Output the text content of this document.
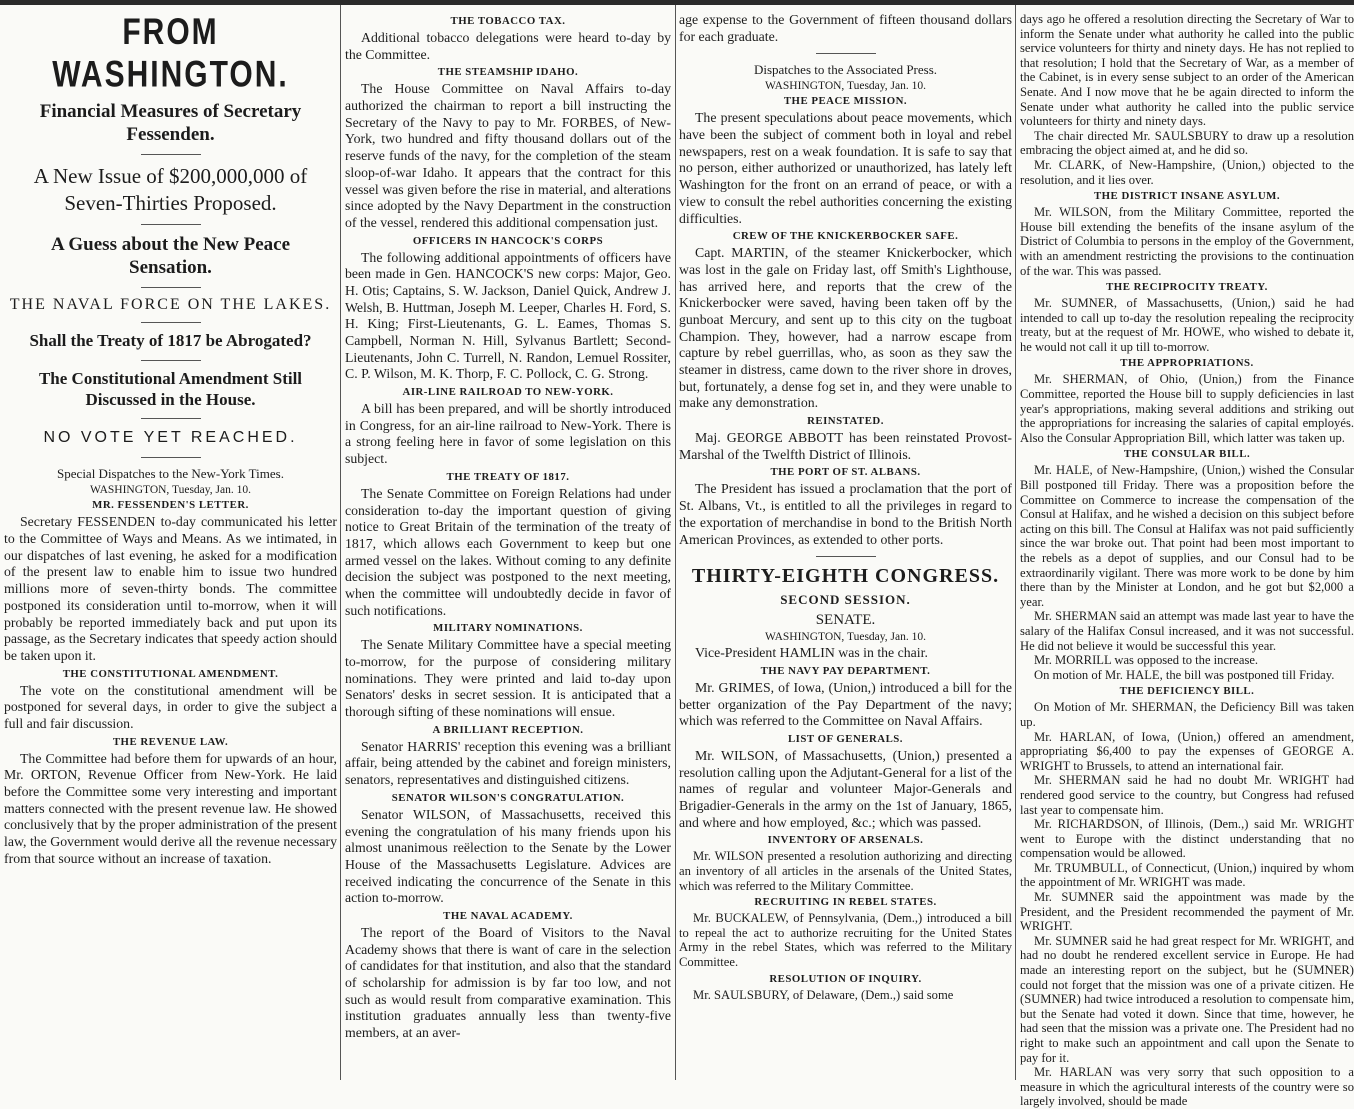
FROM WASHINGTON.
Financial Measures of Secretary Fessenden.
A New Issue of $200,000,000 of Seven-Thirties Proposed.
A Guess about the New Peace Sensation.
THE NAVAL FORCE ON THE LAKES.
Shall the Treaty of 1817 be Abrogated?
The Constitutional Amendment Still Discussed in the House.
NO VOTE YET REACHED.
Special Dispatches to the New-York Times.
WASHINGTON, Tuesday, Jan. 10.
MR. FESSENDEN'S LETTER.

Secretary FESSENDEN to-day communicated his letter to the Committee of Ways and Means. As we intimated, in our dispatches of last evening, he asked for a modification of the present law to enable him to issue two hundred millions more of seven-thirty bonds. The committee postponed its consideration until to-morrow, when it will probably be reported immediately back and put upon its passage, as the Secretary indicates that speedy action should be taken upon it.

THE CONSTITUTIONAL AMENDMENT.

The vote on the constitutional amendment will be postponed for several days, in order to give the subject a full and fair discussion.

THE REVENUE LAW.

The Committee had before them for upwards of an hour, Mr. ORTON, Revenue Officer from New-York. He laid before the Committee some very interesting and important matters connected with the present revenue law. He showed conclusively that by the proper administration of the present law, the Government would derive all the revenue necessary from that source without an increase of taxation.

THE TOBACCO TAX.

Additional tobacco delegations were heard to-day by the Committee.

THE STEAMSHIP IDAHO.

The House Committee on Naval Affairs to-day authorized the chairman to report a bill instructing the Secretary of the Navy to pay to Mr. FORBES, of New-York, two hundred and fifty thousand dollars out of the reserve funds of the navy, for the completion of the steam sloop-of-war Idaho. It appears that the contract for this vessel was given before the rise in material, and alterations since adopted by the Navy Department in the construction of the vessel, rendered this additional compensation just.

OFFICERS IN HANCOCK'S CORPS

The following additional appointments of officers have been made in Gen. HANCOCK'S new corps: Major, Geo. H. Otis; Captains, S. W. Jackson, Daniel Quick, Andrew J. Welsh, B. Huttman, Joseph M. Leeper, Charles H. Ford, S. H. King; First-Lieutenants, G. L. Eames, Thomas S. Campbell, Norman N. Hill, Sylvanus Bartlett; Second-Lieutenants, John C. Turrell, N. Randon, Lemuel Rossiter, C. P. Wilson, M. K. Thorp, F. C. Pollock, C. G. Strong.

AIR-LINE RAILROAD TO NEW-YORK.

A bill has been prepared, and will be shortly introduced in Congress, for an air-line railroad to New-York. There is a strong feeling here in favor of some legislation on this subject.

THE TREATY OF 1817.

The Senate Committee on Foreign Relations had under consideration to-day the important question of giving notice to Great Britain of the termination of the treaty of 1817, which allows each Government to keep but one armed vessel on the lakes. Without coming to any definite decision the subject was postponed to the next meeting, when the committee will undoubtedly decide in favor of such notifications.

MILITARY NOMINATIONS.

The Senate Military Committee have a special meeting to-morrow, for the purpose of considering military nominations. They were printed and laid to-day upon Senators' desks in secret session. It is anticipated that a thorough sifting of these nominations will ensue.

A BRILLIANT RECEPTION.

Senator HARRIS' reception this evening was a brilliant affair, being attended by the cabinet and foreign ministers, senators, representatives and distinguished citizens.

SENATOR WILSON'S CONGRATULATION.

Senator WILSON, of Massachusetts, received this evening the congratulation of his many friends upon his almost unanimous reëlection to the Senate by the Lower House of the Massachusetts Legislature. Advices are received indicating the concurrence of the Senate in this action to-morrow.

THE NAVAL ACADEMY.

The report of the Board of Visitors to the Naval Academy shows that there is want of care in the selection of candidates for that institution, and also that the standard of scholarship for admission is by far too low, and not such as would result from comparative examination. This institution graduates annually less than twenty-five members, at an aver-

age expense to the Government of fifteen thousand dollars for each graduate.

Dispatches to the Associated Press.
WASHINGTON, Tuesday, Jan. 10.
THE PEACE MISSION.

The present speculations about peace movements, which have been the subject of comment both in loyal and rebel newspapers, rest on a weak foundation. It is safe to say that no person, either authorized or unauthorized, has lately left Washington for the front on an errand of peace, or with a view to consult the rebel authorities concerning the existing difficulties.

CREW OF THE KNICKERBOCKER SAFE.

Capt. MARTIN, of the steamer Knickerbocker, which was lost in the gale on Friday last, off Smith's Lighthouse, has arrived here, and reports that the crew of the Knickerbocker were saved, having been taken off by the gunboat Mercury, and sent up to this city on the tugboat Champion. They, however, had a narrow escape from capture by rebel guerrillas, who, as soon as they saw the steamer in distress, came down to the river shore in droves, but, fortunately, a dense fog set in, and they were unable to make any demonstration.

REINSTATED.

Maj. GEORGE ABBOTT has been reinstated Provost-Marshal of the Twelfth District of Illinois.

THE PORT OF ST. ALBANS.

The President has issued a proclamation that the port of St. Albans, Vt., is entitled to all the privileges in regard to the exportation of merchandise in bond to the British North American Provinces, as extended to other ports.

THIRTY-EIGHTH CONGRESS.
SECOND SESSION.
SENATE.
WASHINGTON, Tuesday, Jan. 10.

Vice-President HAMLIN was in the chair.

THE NAVY PAY DEPARTMENT.

Mr. GRIMES, of Iowa, (Union,) introduced a bill for the better organization of the Pay Department of the navy; which was referred to the Committee on Naval Affairs.

LIST OF GENERALS.

Mr. WILSON, of Massachusetts, (Union,) presented a resolution calling upon the Adjutant-General for a list of the names of regular and volunteer Major-Generals and Brigadier-Generals in the army on the 1st of January, 1865, and where and how employed, &c.; which was passed.

INVENTORY OF ARSENALS.

Mr. WILSON presented a resolution authorizing and directing an inventory of all articles in the arsenals of the United States, which was referred to the Military Committee.

RECRUITING IN REBEL STATES.

Mr. BUCKALEW, of Pennsylvania, (Dem.,) introduced a bill to repeal the act to authorize recruiting for the United States Army in the rebel States, which was referred to the Military Committee.

RESOLUTION OF INQUIRY.

Mr. SAULSBURY, of Delaware, (Dem.,) said some

days ago he offered a resolution directing the Secretary of War to inform the Senate under what authority he called into the public service volunteers for thirty and ninety days. He has not replied to that resolution; I hold that the Secretary of War, as a member of the Cabinet, is in every sense subject to an order of the American Senate. And I now move that he be again directed to inform the Senate under what authority he called into the public service volunteers for thirty and ninety days.

The chair directed Mr. SAULSBURY to draw up a resolution embracing the object aimed at, and he did so.

Mr. CLARK, of New-Hampshire, (Union,) objected to the resolution, and it lies over.

THE DISTRICT INSANE ASYLUM.

Mr. WILSON, from the Military Committee, reported the House bill extending the benefits of the insane asylum of the District of Columbia to persons in the employ of the Government, with an amendment restricting the provisions to the continuation of the war. This was passed.

THE RECIPROCITY TREATY.

Mr. SUMNER, of Massachusetts, (Union,) said he had intended to call up to-day the resolution repealing the reciprocity treaty, but at the request of Mr. HOWE, who wished to debate it, he would not call it up till to-morrow.

THE APPROPRIATIONS.

Mr. SHERMAN, of Ohio, (Union,) from the Finance Committee, reported the House bill to supply deficiencies in last year's appropriations, making several additions and striking out the appropriations for increasing the salaries of capital employés. Also the Consular Appropriation Bill, which latter was taken up.

THE CONSULAR BILL.

Mr. HALE, of New-Hampshire, (Union,) wished the Consular Bill postponed till Friday. There was a proposition before the Committee on Commerce to increase the compensation of the Consul at Halifax, and he wished a decision on this subject before acting on this bill. The Consul at Halifax was not paid sufficiently since the war broke out. That point had been most important to the rebels as a depot of supplies, and our Consul had to be extraordinarily vigilant. There was more work to be done by him there than by the Minister at London, and he got but $2,000 a year.

Mr. SHERMAN said an attempt was made last year to have the salary of the Halifax Consul increased, and it was not successful. He did not believe it would be successful this year.

Mr. MORRILL was opposed to the increase.

On motion of Mr. HALE, the bill was postponed till Friday.

THE DEFICIENCY BILL.

On Motion of Mr. SHERMAN, the Deficiency Bill was taken up.

Mr. HARLAN, of Iowa, (Union,) offered an amendment, appropriating $6,400 to pay the expenses of GEORGE A. WRIGHT to Brussels, to attend an international fair.

Mr. SHERMAN said he had no doubt Mr. WRIGHT had rendered good service to the country, but Congress had refused last year to compensate him.

Mr. RICHARDSON, of Illinois, (Dem.,) said Mr. WRIGHT went to Europe with the distinct understanding that no compensation would be allowed.

Mr. TRUMBULL, of Connecticut, (Union,) inquired by whom the appointment of Mr. WRIGHT was made.

Mr. SUMNER said the appointment was made by the President, and the President recommended the payment of Mr. WRIGHT.

Mr. SUMNER said he had great respect for Mr. WRIGHT, and had no doubt he rendered excellent service in Europe. He had made an interesting report on the subject, but he (SUMNER) could not forget that the mission was one of a private citizen. He (SUMNER) had twice introduced a resolution to compensate him, but the Senate had voted it down. Since that time, however, he had seen that the mission was a private one. The President had no right to make such an appointment and call upon the Senate to pay for it.

Mr. HARLAN was very sorry that such opposition to a measure in which the agricultural interests of the country were so largely involved, should be made
